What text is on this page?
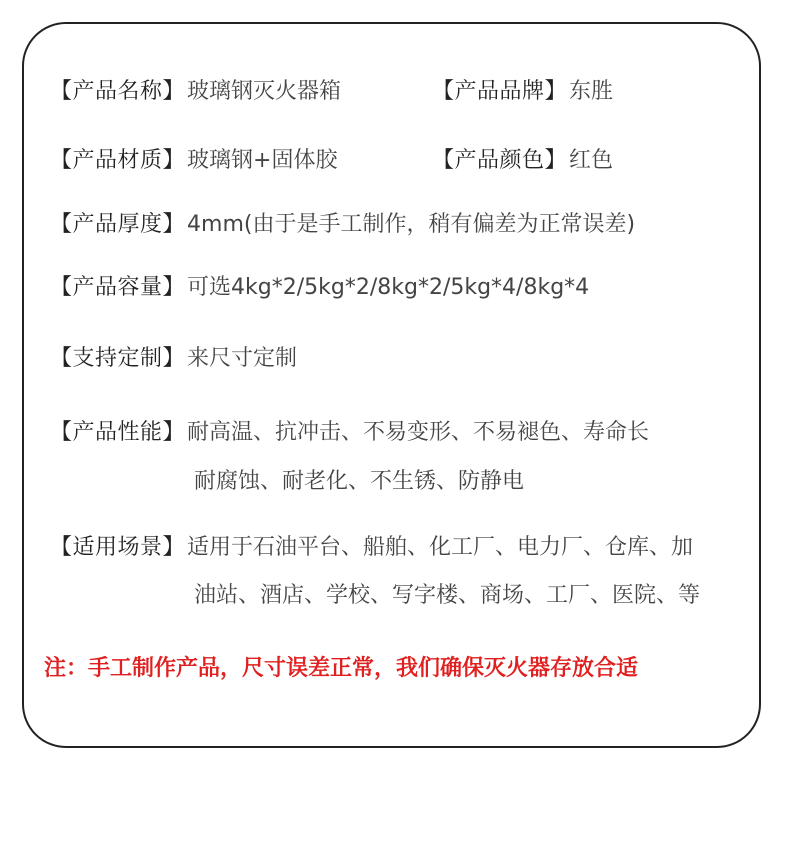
【产品名称】玻璃钢灭火器箱	【产品品牌】东胜
【产品材质】玻璃钢+固体胶	【产品颜色】红色
【产品厚度】4mm(由于是手工制作，稍有偏差为正常误差)
【产品容量】可选4kg*2/5kg*2/8kg*2/5kg*4/8kg*4
【支持定制】来尺寸定制
【产品性能】耐高温、抗冲击、不易变形、不易褪色、寿命长
耐腐蚀、耐老化、不生锈、防静电
【适用场景】适用于石油平台、船舶、化工厂、电力厂、仓库、加
油站、酒店、学校、写字楼、商场、工厂、医院、等
注：手工制作产品，尺寸误差正常，我们确保灭火器存放合适
